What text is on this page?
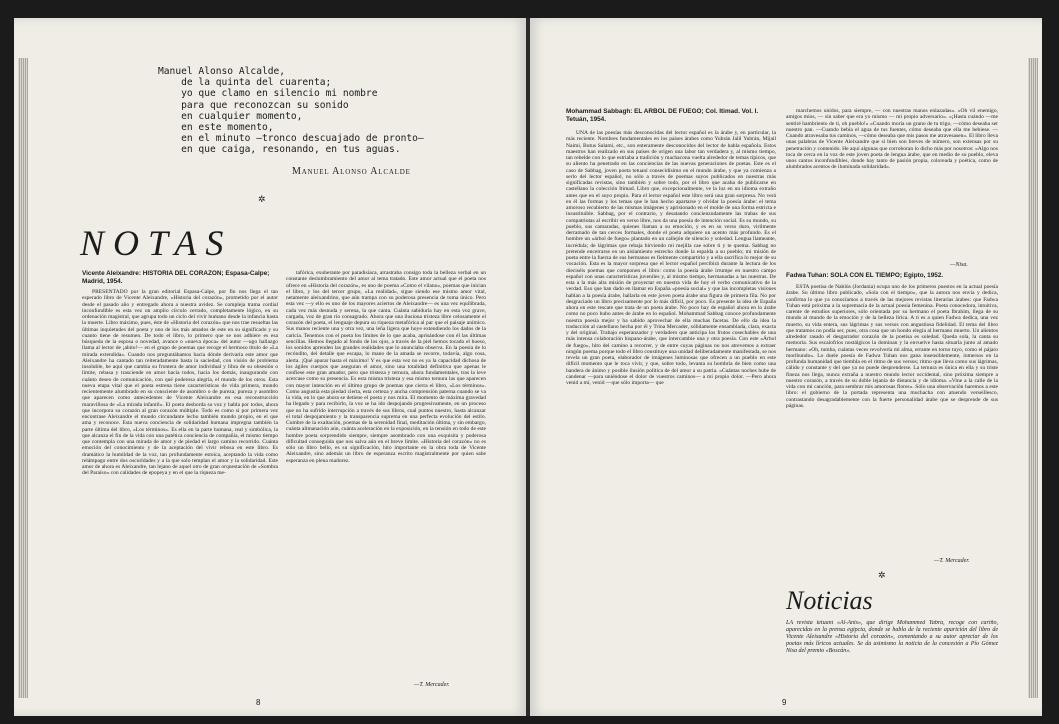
Manuel Alonso Alcalde,
de la quinta del cuarenta;
yo que clamo en silencio mi nombre
para que reconozcan su sonido
en cualquier momento,
en este momento,
en el minuto —tronco descuajado de pronto—
en que caiga, resonando, en tus aguas.
Manuel Alonso Alcalde
✲
NOTAS
Vicente Aleixandre: HISTORIA DEL CORAZON; Espasa-Calpe; Madrid, 1954.

PRESENTADO por la gran editorial Espasa-Calpe, por fin nos llega el tan esperado libro de Vicente Aleixandre, «Historia del corazón», prometido por el autor desde el pasado año y entregado ahora a nuestra avidez. Se compleja trama cordial inconfundible es esta vez un amplio círculo cerrado, completamente lógico, en su ordenación magistral, que agrupa todo un ciclo del vivir humano desde la infancia hasta la muerte. Libro máximo, pues, éste de «Historia del corazón» que nos trae resueltas las últimas inquietudes del poeta y uno de los más amados de este en su significado y su cuanto tiene de resumen. De todo el libro, lo primero que se nos adhiere es esa búsqueda de la esposa o novedad, avance o «nueva época» del autor —ugo hallazgo llama al lector de ¡ahito!— en el grupo de poemas que recoge el hermoso título de «La mirada extendida». Cuando nos preguntábamos hacia dónde derivaría este amor que Aleixandre ha cantado tan reiteradamente hasta la saciedad, con visión de problema insoluble, he aquí que cambia su frontera de amor individual y libra de su obsesión o límite, rebasa y trasciende en amor hacia todos, hacia los demás, inaugurando con cuánto deseo de comunicación, con qué poderosa alegría, el mundo de los otros. Esta nueva etapa vital que el poeta estrena tiene características de vida primera, mundo recientemente alumbrado en su consciente de asombro o de pureza; pureza y asombro que aparecen como antecedentes de Vicente Aleixandre en esa reconstrucción maravillosa de «La mirada infantil». El poeta desborda su voz y habla por todos, ahora que incorpora su corazón al gran corazón múltiple. Todo es como si por primera vez encontrase Aleixandre el mundo circundante lecho también mundo propio, en el que ama y reconoce. Esta nueva conciencia de solidaridad humana impregna también la parte última del libro, «Los términos». Es ella en la parte humana, real y simbólica, la que alcanza el fin de la vida con una patética conciencia de compañía, el mismo tiempo que contempla con una mirada de amor y de piedad el largo camino recorrido. Cuánta emoción del conocimiento y de la aceptación del vivir rebosa en este libro. Es dramático la humildad de la voz, tan profundamente estoica, aceptando la vida como relámpago entre dos oscuridades y a la que solo templan el amor y la solidaridad. Este amor de ahora es Aleixandre, tan lejano de aquel otro de gran orquestación de «Sombra del Paraíso» con calidades de epopeya y en el que la riqueza me-

tafórica, exuberante por paradisíaca, arrastraba consigo toda la belleza verbal en un constante deslumbramiento del amor al tema tratado. Este amor actual que el poeta nos ofrece en «Historia del corazón», es uno de poema «Como el vilano», poemas que inician el libro, y los del tercer grupo, «La realidad», sigue siendo ese mismo amor vital, netamente aleixandrino, que aún trampa con su poderosa presencia de toma único. Pero esta vez —y ello es uno de los mayores aciertos de Aleixandre— es una vez equilibrada, cada vez más desnuda y serena, la que canta. Cuánta sabiduría hay en esta voz grave, cargada, voz de gran río consagrado. Ahora que una ilusiona tristeza libre celosamente el corazón del poeta, el lenguaje depura su riqueza metafórica al par que el paisaje anímico. Sus manos reciente una y otra vez, una leña ligera que hoye extendiendo los dados de la caricia. Tenemos con el poeta los límites de lo que acaba, aprisándose con él las últimas sencillas. Hemos llegado al fondo de los ojos, a través de la piel hemos tocado el hueso, los sonidos aprenden las grandes realidades que lo anunciaba observa. En la poesía de lo recóndito, del detalle que escapa, lo mano de la amada se recorre, todavía, algo cosa, alerta. ¡Qué apurar hasta el máximo! Y es que esta vez no es ya la capacidad dichosa de los ágiles cuerpos que aseguran el amor, sino una totalidad definitiva que apenas le confiese este gran amador, pero que tristeza y ternura, ahora fundamentales, tras la leve acercase como su presencia. Es esta misma tristeza y esa mismo ternura las que aparecen con mayor intención en el último grupo de poemas que cierra el libro, «Los términos». Como angustia esta piedad cierta, esta certeza y ancha comprensión paterna cuando se va la vida, en lo que ahora se detiene el poeta y nos mira. El momento de máxima gravedad ha llegado y para recibirlo, la voz se ha ido despojando progresivamente, en un proceso que no ha sufrido interrupción a través de sus libros, cual puntos nuestro, hasta alcanzar el total despojamiento y la transparencia suprema en una perfecta evolución del estilo. Cumbre de la exaltación, poemas de la serenidad final, meditación última, y sin embargo, cuánta alimanación aún, cuánta aceleración en la exposición, en la tensión en todo de este hombre poeta sorprendido siempre, siempre asombrado con una exquisita y poderosa dificultad conseguida que nos salva aún en el breve límite. «Historia del corazón» no es sólo un libro bello, es su significación, hito importante en la obra toda de Vicente Aleixandre, sino además un libro de esperanza escrito magistralmente por quien sabe esperanza en plena madurez.

—T. Mercader.
8
Mohammad Sabbagh: EL ARBOL DE FUEGO; Col. Itimad. Vol. I. Tetuán, 1954.

UNA de las poesías más desconocidas del lector español es la árabe y, en particular, la más reciente. Nombres fundamentales en los países árabes como Yubrán Jalil Yubrán, Mijail Naimi, Butus Salami, etc., son enteramente desconocidos del lector de habla española. Estos maestros han realizado en sus países de origen una labor tan verdadera y, al mismo tiempo, tan rebelde con lo que estriaba a tradición y machacona vuelta alrededor de temas típicos, que su aliento ha penetrado en las conciencias de las nuevas generaciones de poetas. Este es el caso de Sabbag, joven poeta tetuaní consecidísimo en el mundo árabe, y que ya comienza a serlo del lector español, no sólo a través de poemas suyos publicados en nuestras más significadas revistas, sino también y sobre todo, por el libro que acaba de publicarse en castellano la colección Itimad. Libro que, excepcionalmente, ve la luz en un idioma extraño antes que en el suyo propio. Para el lector español este libro será una gran sorpresa. No verá en él las formas y los temas que le han hecho apartarse y olvidar la poesía árabe: el tema amoroso recubierto de las mismas imágenes y aprisionado en el molde de una forma estricta e insustituible. Sabbag, por el contrario, y desatando concienzudamente las trabas de sus compatriotas al escribir en verso libre, nos da una poesía de intención social. Es su mundo, su pueblo, sus camaradas, quienes llaman a su emoción, y es en su verso duro, virilmente derramado de tan cerces formales, donde el poeta adquiere un acento más profundo. Es el hombre un «árbol de fuego» plantado en un callejón de silencio y soledad. Lengua llameante, incrédula; de lágrimas que rebaja hirviendo mi mejilla cae sobre ti y te quema. Sabbag no pretende encerrarse en un aislamiento estrecho donde la espalda a su pueblo; mi misión de poeta entre la fuerza de sus hermanos es fielmente compartirlo y a ella sacrifica lo mejor de su vocación. Esta es la mayor sorpresa que el lector español percibirá durante la lectura de los dieciséis poemas que componen el libro: como la poesía árabe irrumpe en nuestro campo español con unas características juveniles y, al mismo tiempo, hermanadas a las nuestras. De esta a la más alta misión de proyectar en nuestra vida de hoy el verbo comunicativo de la verdad. Eso que han dado en llamar en España «poesía social» y que las incompletas visiones hablan a la poesía árabe, hallarla en este joven poeta árabe una figura de primera fila. No por desgraciado un libro precisamente por lo más difícil, por poco. Es presente la idea de España ahora en este rescate que trata de un poeta árabe. No poco hay de español ahora en lo árabe como no poco hubo antes de árabe en lo español. Mohammad Sabbag conoce profundamente nuestra poesía mejor y ha sabido aprovechar de ella muchas facetas. De ello da idea la traducción al castellano hecha por él y Trina Mercader, sólidamente ensamblada, clara, exacta y del original. Trabajo esperanzador y verdadero que anticipa los frutos cosechables de una más intensa colaboración hispano-árabe, que intercambie una y otra poesía. Con este «Árbol de fuego», hito del camino a recorrer, y de entre cuyas páginas no nos atrevemos a extraer ningún poema porque todo el libro constituye una unidad deliberadamente manifestada, se nos revela un gran poeta, elaborador de imágenes luminosas que ofrecen a un pueblo en este difícil momento que le toca vivir, y que, sobre todo, levanta su hombría de bien como una bandera de ánimo y posible ilusión política de del amor a su patria. «Cuántas noches hube de candenar —para uniéndose el dolor de vuestros caminos— a mi propio dolor. —Pero ahora venid a mí, venid —que sólo importa— que

marchemos unidos, para siempre, — con nuestras manos enlazadas». «Oh vil enemigo, amigos míos, — sin saber que era yo mismo — mi propio adversario». «¡Hasta cuándo —me sentiré hambriento de ti, oh pueblo!» «Cuando moría un grano de tu trigo, —cómo deseaba ser nuestro pan. —Cuando bebía el agua de tus fuentes, cómo deseaba que ella me bebiese. —Cuando atravesaba tus caminos, —cómo deseaba que mis pasos me atravesasen». El libro lleva unas palabras de Vicente Aleixandre que si bien son breves de número, son extensas por su penetración y contenido. He aquí algunas que corroboran lo dicho más por nosotros: «Algo nos toca de cerca en la voz de este joven poeta de lengua árabe, que en medio de su pueblo, eleva unos cantos inconfundibles, donde hay tanto de pasión propia, coloreada y poética, como de alumbrados acentos de iluminada solidaridad».

—Nisa.
Fadwa Tuhan: SOLA CON EL TIEMPO; Egipto, 1952.

ESTA poetisa de Nablús (Jordania) ocupa uno de los primeros puestos en la actual poesía árabe. Su último libro publicado, «Sola con el tiempo», que la autora nos envía y dedica, confirma lo que ya conocíamos a través de las mejores revistas literarias árabes: que Fadwa Tuhan está próxima a la supremacía de la actual poesía femenina. Poeta conocedora, intuitiva, carente de estudios superiores, sólo orientada por su hermano el poeta Ibrahim, llega de su mundo al mundo de la emoción y de la belleza lírica. A ti es a quien Fadwa dedica, una vez muerto, su vida entera, sus lágrimas y sus versos con angustiosa fidelidad. El tema del libro que tratamos no podía ser, pues, otra cosa que un hondo elegía al hermano muerto. Un alientos alrededor rasado el desgarrador corazón de la poetisa es soledad. Queda sola, la canta su memoria. Sus escalofríos nostálgicos la dominan y la envuelve hasta situarla junto al amado hermano: «Oh, tumba, cuántas veces revolvería mi alma, errante en torno tuyo, como el pájaro moribundo». Lo duele poesía de Fadwa Tuhan nos gana insensiblemente, inmersos en la profunda humanidad que tiembla en el ritmo de sus versos; ritmo que lleva como sus lágrimas, cálido y constante y del que ya no puede desprenderse. La ternura es única en ella y su triste fineza nos llega, nunca extraña a nuestro mundo lector occidental, sino próxima siempre a nuestro corazón, a través de su doble lejanía de distancia y de idioma. «Vine a la calle de la vida con mi canción, para sembrar mis amorosas flores». Sólo una observación haremos a este libro: el gobierno de la portada representa una muchacha con atuendo verseillesco, contrastando desagradablemente con la fuerte personalidad árabe que se desprende de sus páginas.

—T. Mercader.
✲
Noticias
LA revista tetuaní «Al-Anis», que dirige Mohammed Yabra, recoge con cariño, aparecidas en la prensa egipcia, donde se habla de la reciente aparición del libro de Vicente Aleixandre «Historia del corazón», comentando a su autor apreciar de los poetas más líricos actuales. Se da asimismo la noticia de la concesión a Pío Gómez Nisa del premio «Boscán».
9
